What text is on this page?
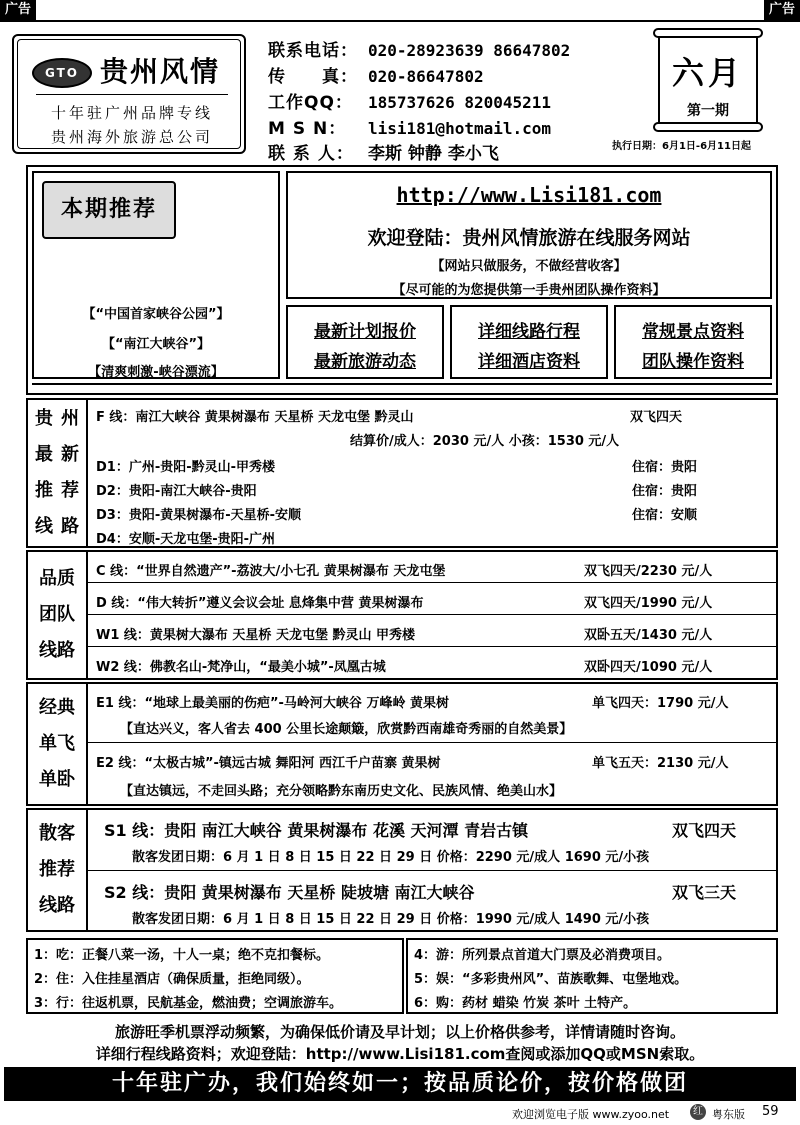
广告	广告
GTO 贵州风情
十年驻广州品牌专线
贵州海外旅游总公司
联系电话： 020-28923639 86647802
传　　真： 020-86647802
工作QQ： 185737626 820045211
M S N： lisi181@hotmail.com
联 系 人： 李斯 钟静 李小飞
六月
第一期
执行日期：6月1日-6月11日起
本期推荐
【“中国首家峡谷公园”】
【“南江大峡谷”】
【清爽刺激-峡谷漂流】
http://www.Lisi181.com
欢迎登陆：贵州风情旅游在线服务网站
【网站只做服务，不做经营收客】
【尽可能的为您提供第一手贵州团队操作资料】
最新计划报价
最新旅游动态
详细线路行程
详细酒店资料
常规景点资料
团队操作资料
贵 州
最 新
推 荐
线 路
F 线：南江大峡谷 黄果树瀑布 天星桥 天龙屯堡 黔灵山	双飞四天
结算价/成人：2030 元/人 小孩：1530 元/人
D1：广州-贵阳-黔灵山-甲秀楼	住宿：贵阳
D2：贵阳-南江大峡谷-贵阳	住宿：贵阳
D3：贵阳-黄果树瀑布-天星桥-安顺	住宿：安顺
D4：安顺-天龙屯堡-贵阳-广州
品质
团队
线路
C 线：“世界自然遗产”-荔波大/小七孔 黄果树瀑布 天龙屯堡	双飞四天/2230 元/人
D 线：“伟大转折”遵义会议会址 息烽集中营 黄果树瀑布	双飞四天/1990 元/人
W1 线：黄果树大瀑布 天星桥 天龙屯堡 黔灵山 甲秀楼	双卧五天/1430 元/人
W2 线：佛教名山-梵净山，“最美小城”-凤凰古城	双卧四天/1090 元/人
经典
单飞
单卧
E1 线：“地球上最美丽的伤疤”-马岭河大峡谷 万峰岭 黄果树	单飞四天：1790 元/人
【直达兴义，客人省去 400 公里长途颠簸，欣赏黔西南雄奇秀丽的自然美景】
E2 线：“太极古城”-镇远古城 舞阳河 西江千户苗寨 黄果树	单飞五天：2130 元/人
【直达镇远，不走回头路；充分领略黔东南历史文化、民族风情、绝美山水】
散客
推荐
线路
S1 线：贵阳 南江大峡谷 黄果树瀑布 花溪 天河潭 青岩古镇	双飞四天
散客发团日期：6 月 1 日 8 日 15 日 22 日 29 日 价格：2290 元/成人 1690 元/小孩
S2 线：贵阳 黄果树瀑布 天星桥 陡坡塘 南江大峡谷	双飞三天
散客发团日期：6 月 1 日 8 日 15 日 22 日 29 日 价格：1990 元/成人 1490 元/小孩
1：吃：正餐八菜一汤，十人一桌；绝不克扣餐标。
2：住：入住挂星酒店（确保质量，拒绝同级）。
3：行：往返机票，民航基金，燃油费；空调旅游车。
4：游：所列景点首道大门票及必消费项目。
5：娱：“多彩贵州风”、苗族歌舞、屯堡地戏。
6：购：药材 蜡染 竹炭 茶叶 土特产。
旅游旺季机票浮动频繁，为确保低价请及早计划；以上价格供参考，详情请随时咨询。
详细行程线路资料；欢迎登陆：http://www.Lisi181.com查阅或添加QQ或MSN索取。
十年驻广办，我们始终如一；按品质论价，按价格做团
欢迎浏览电子版 www.zyoo.net	红 粤东版 59
